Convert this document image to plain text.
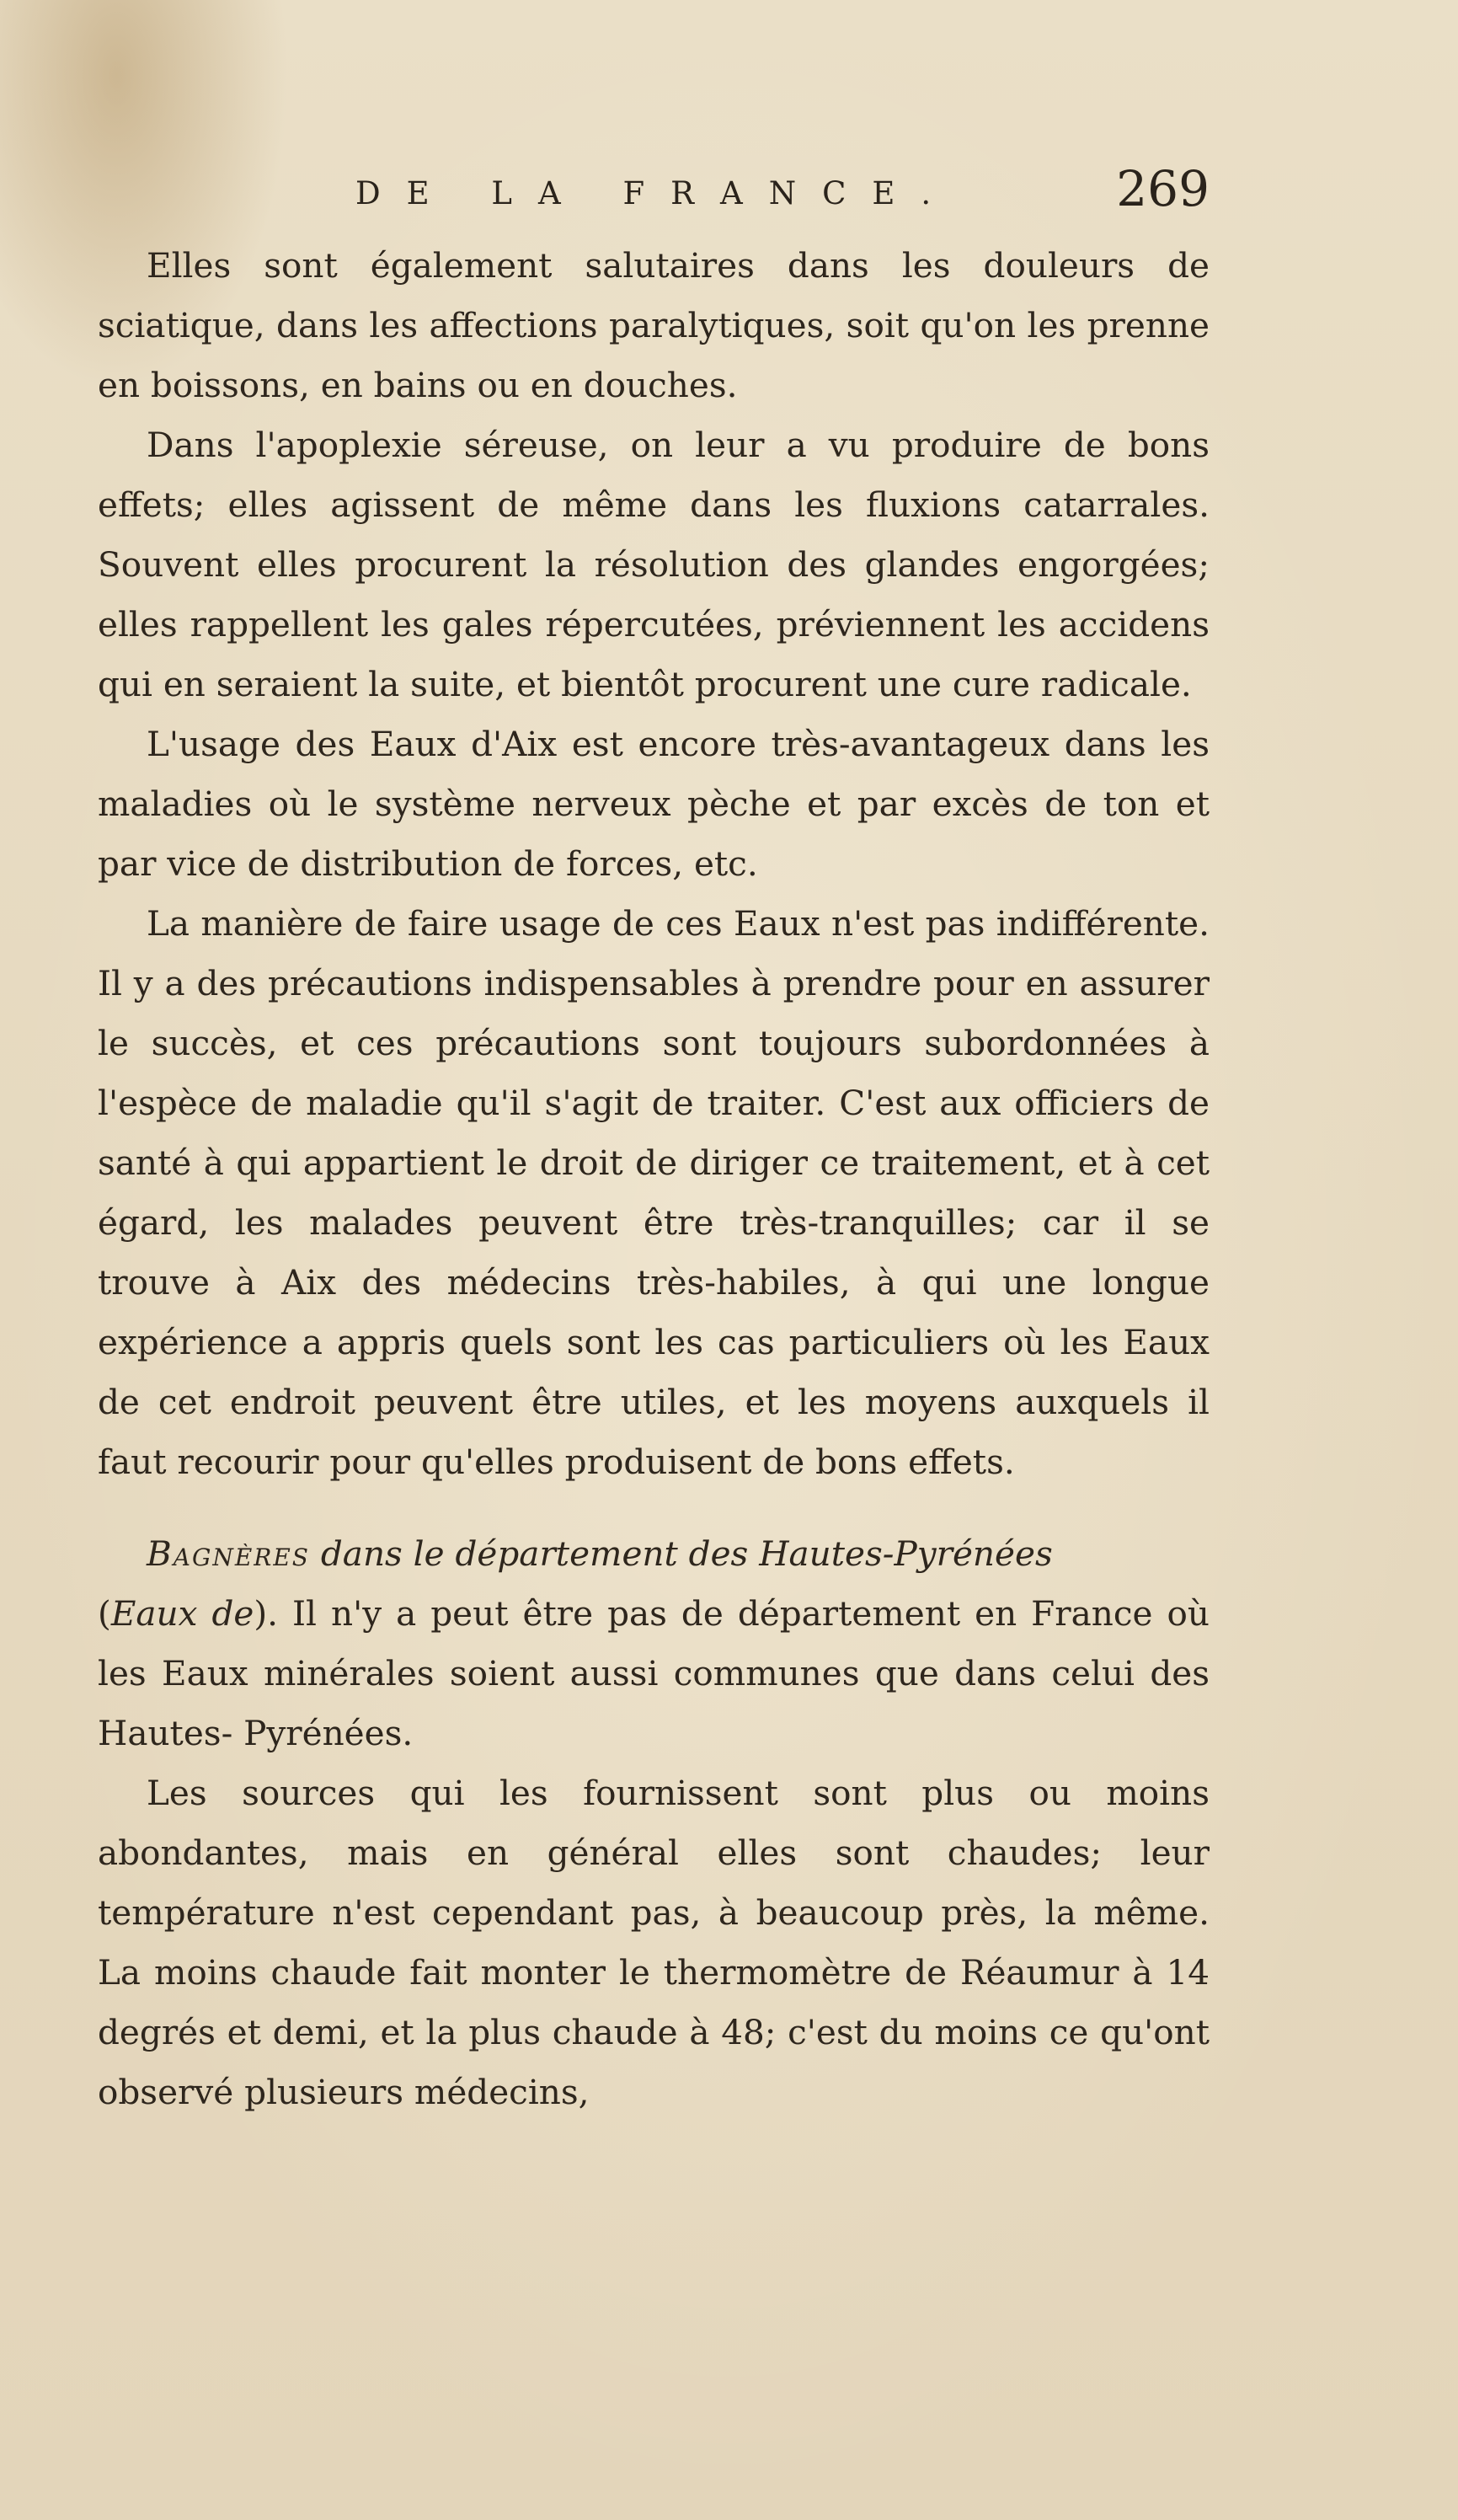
DE LA FRANCE.	269

Elles sont également salutaires dans les douleurs de sciatique, dans les affections paralytiques, soit qu'on les prenne en boissons, en bains ou en douches.

Dans l'apoplexie séreuse, on leur a vu produire de bons effets; elles agissent de même dans les fluxions catarrales. Souvent elles procurent la résolution des glandes engorgées; elles rappellent les gales répercutées, préviennent les accidens qui en seraient la suite, et bientôt procurent une cure radicale.

L'usage des Eaux d'Aix est encore très-avantageux dans les maladies où le système nerveux pèche et par excès de ton et par vice de distribution de forces, etc.

La manière de faire usage de ces Eaux n'est pas indifférente. Il y a des précautions indispensables à prendre pour en assurer le succès, et ces précautions sont toujours subordonnées à l'espèce de maladie qu'il s'agit de traiter. C'est aux officiers de santé à qui appartient le droit de diriger ce traitement, et à cet égard, les malades peuvent être très-tranquilles; car il se trouve à Aix des médecins très-habiles, à qui une longue expérience a appris quels sont les cas particuliers où les Eaux de cet endroit peuvent être utiles, et les moyens auxquels il faut recourir pour qu'elles produisent de bons effets.

Bagnères dans le département des Hautes-Pyrénées
(Eaux de). Il n'y a peut être pas de département en France où les Eaux minérales soient aussi communes que dans celui des Hautes- Pyrénées.

Les sources qui les fournissent sont plus ou moins abondantes, mais en général elles sont chaudes; leur température n'est cependant pas, à beaucoup près, la même. La moins chaude fait monter le thermomètre de Réaumur à 14 degrés et demi, et la plus chaude à 48; c'est du moins ce qu'ont observé plusieurs médecins,
